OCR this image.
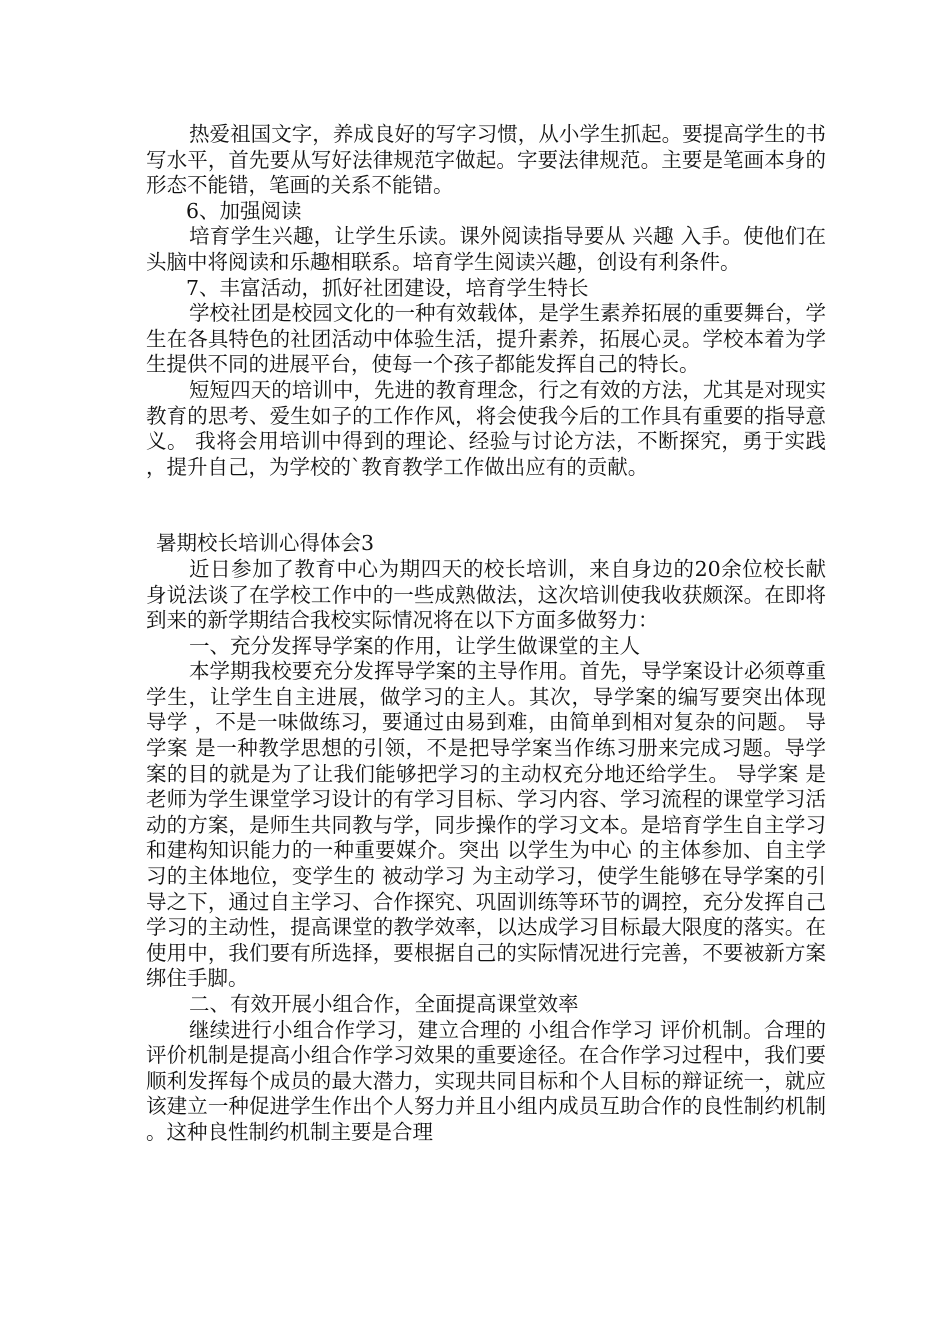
热爱祖国文字，养成良好的写字习惯，从小学生抓起。要提高学生的书写水平，首先要从写好法律规范字做起。字要法律规范。主要是笔画本身的形态不能错，笔画的关系不能错。

6、加强阅读

培育学生兴趣，让学生乐读。课外阅读指导要从 兴趣 入手。使他们在头脑中将阅读和乐趣相联系。培育学生阅读兴趣，创设有利条件。

7、丰富活动，抓好社团建设，培育学生特长

学校社团是校园文化的一种有效载体，是学生素养拓展的重要舞台，学生在各具特色的社团活动中体验生活，提升素养，拓展心灵。学校本着为学生提供不同的进展平台，使每一个孩子都能发挥自己的特长。

短短四天的培训中，先进的教育理念，行之有效的方法，尤其是对现实教育的思考、爱生如子的工作作风，将会使我今后的工作具有重要的指导意义。 我将会用培训中得到的理论、经验与讨论方法，不断探究，勇于实践，提升自己，为学校的`教育教学工作做出应有的贡献。

暑期校长培训心得体会3

近日参加了教育中心为期四天的校长培训，来自身边的20余位校长献身说法谈了在学校工作中的一些成熟做法，这次培训使我收获颇深。在即将到来的新学期结合我校实际情况将在以下方面多做努力：

一、充分发挥导学案的作用，让学生做课堂的主人

本学期我校要充分发挥导学案的主导作用。首先，导学案设计必须尊重学生，让学生自主进展，做学习的主人。其次，导学案的编写要突出体现 导学 ，不是一味做练习，要通过由易到难，由简单到相对复杂的问题。 导学案 是一种教学思想的引领，不是把导学案当作练习册来完成习题。导学案的目的就是为了让我们能够把学习的主动权充分地还给学生。 导学案 是老师为学生课堂学习设计的有学习目标、学习内容、学习流程的课堂学习活动的方案，是师生共同教与学，同步操作的学习文本。是培育学生自主学习和建构知识能力的一种重要媒介。突出 以学生为中心 的主体参加、自主学习的主体地位，变学生的 被动学习 为主动学习，使学生能够在导学案的引导之下，通过自主学习、合作探究、巩固训练等环节的调控，充分发挥自己学习的主动性，提高课堂的教学效率，以达成学习目标最大限度的落实。在使用中，我们要有所选择，要根据自己的实际情况进行完善，不要被新方案绑住手脚。

二、有效开展小组合作，全面提高课堂效率

继续进行小组合作学习，建立合理的 小组合作学习 评价机制。合理的评价机制是提高小组合作学习效果的重要途径。在合作学习过程中，我们要顺利发挥每个成员的最大潜力，实现共同目标和个人目标的辩证统一，就应该建立一种促进学生作出个人努力并且小组内成员互助合作的良性制约机制。这种良性制约机制主要是合理
